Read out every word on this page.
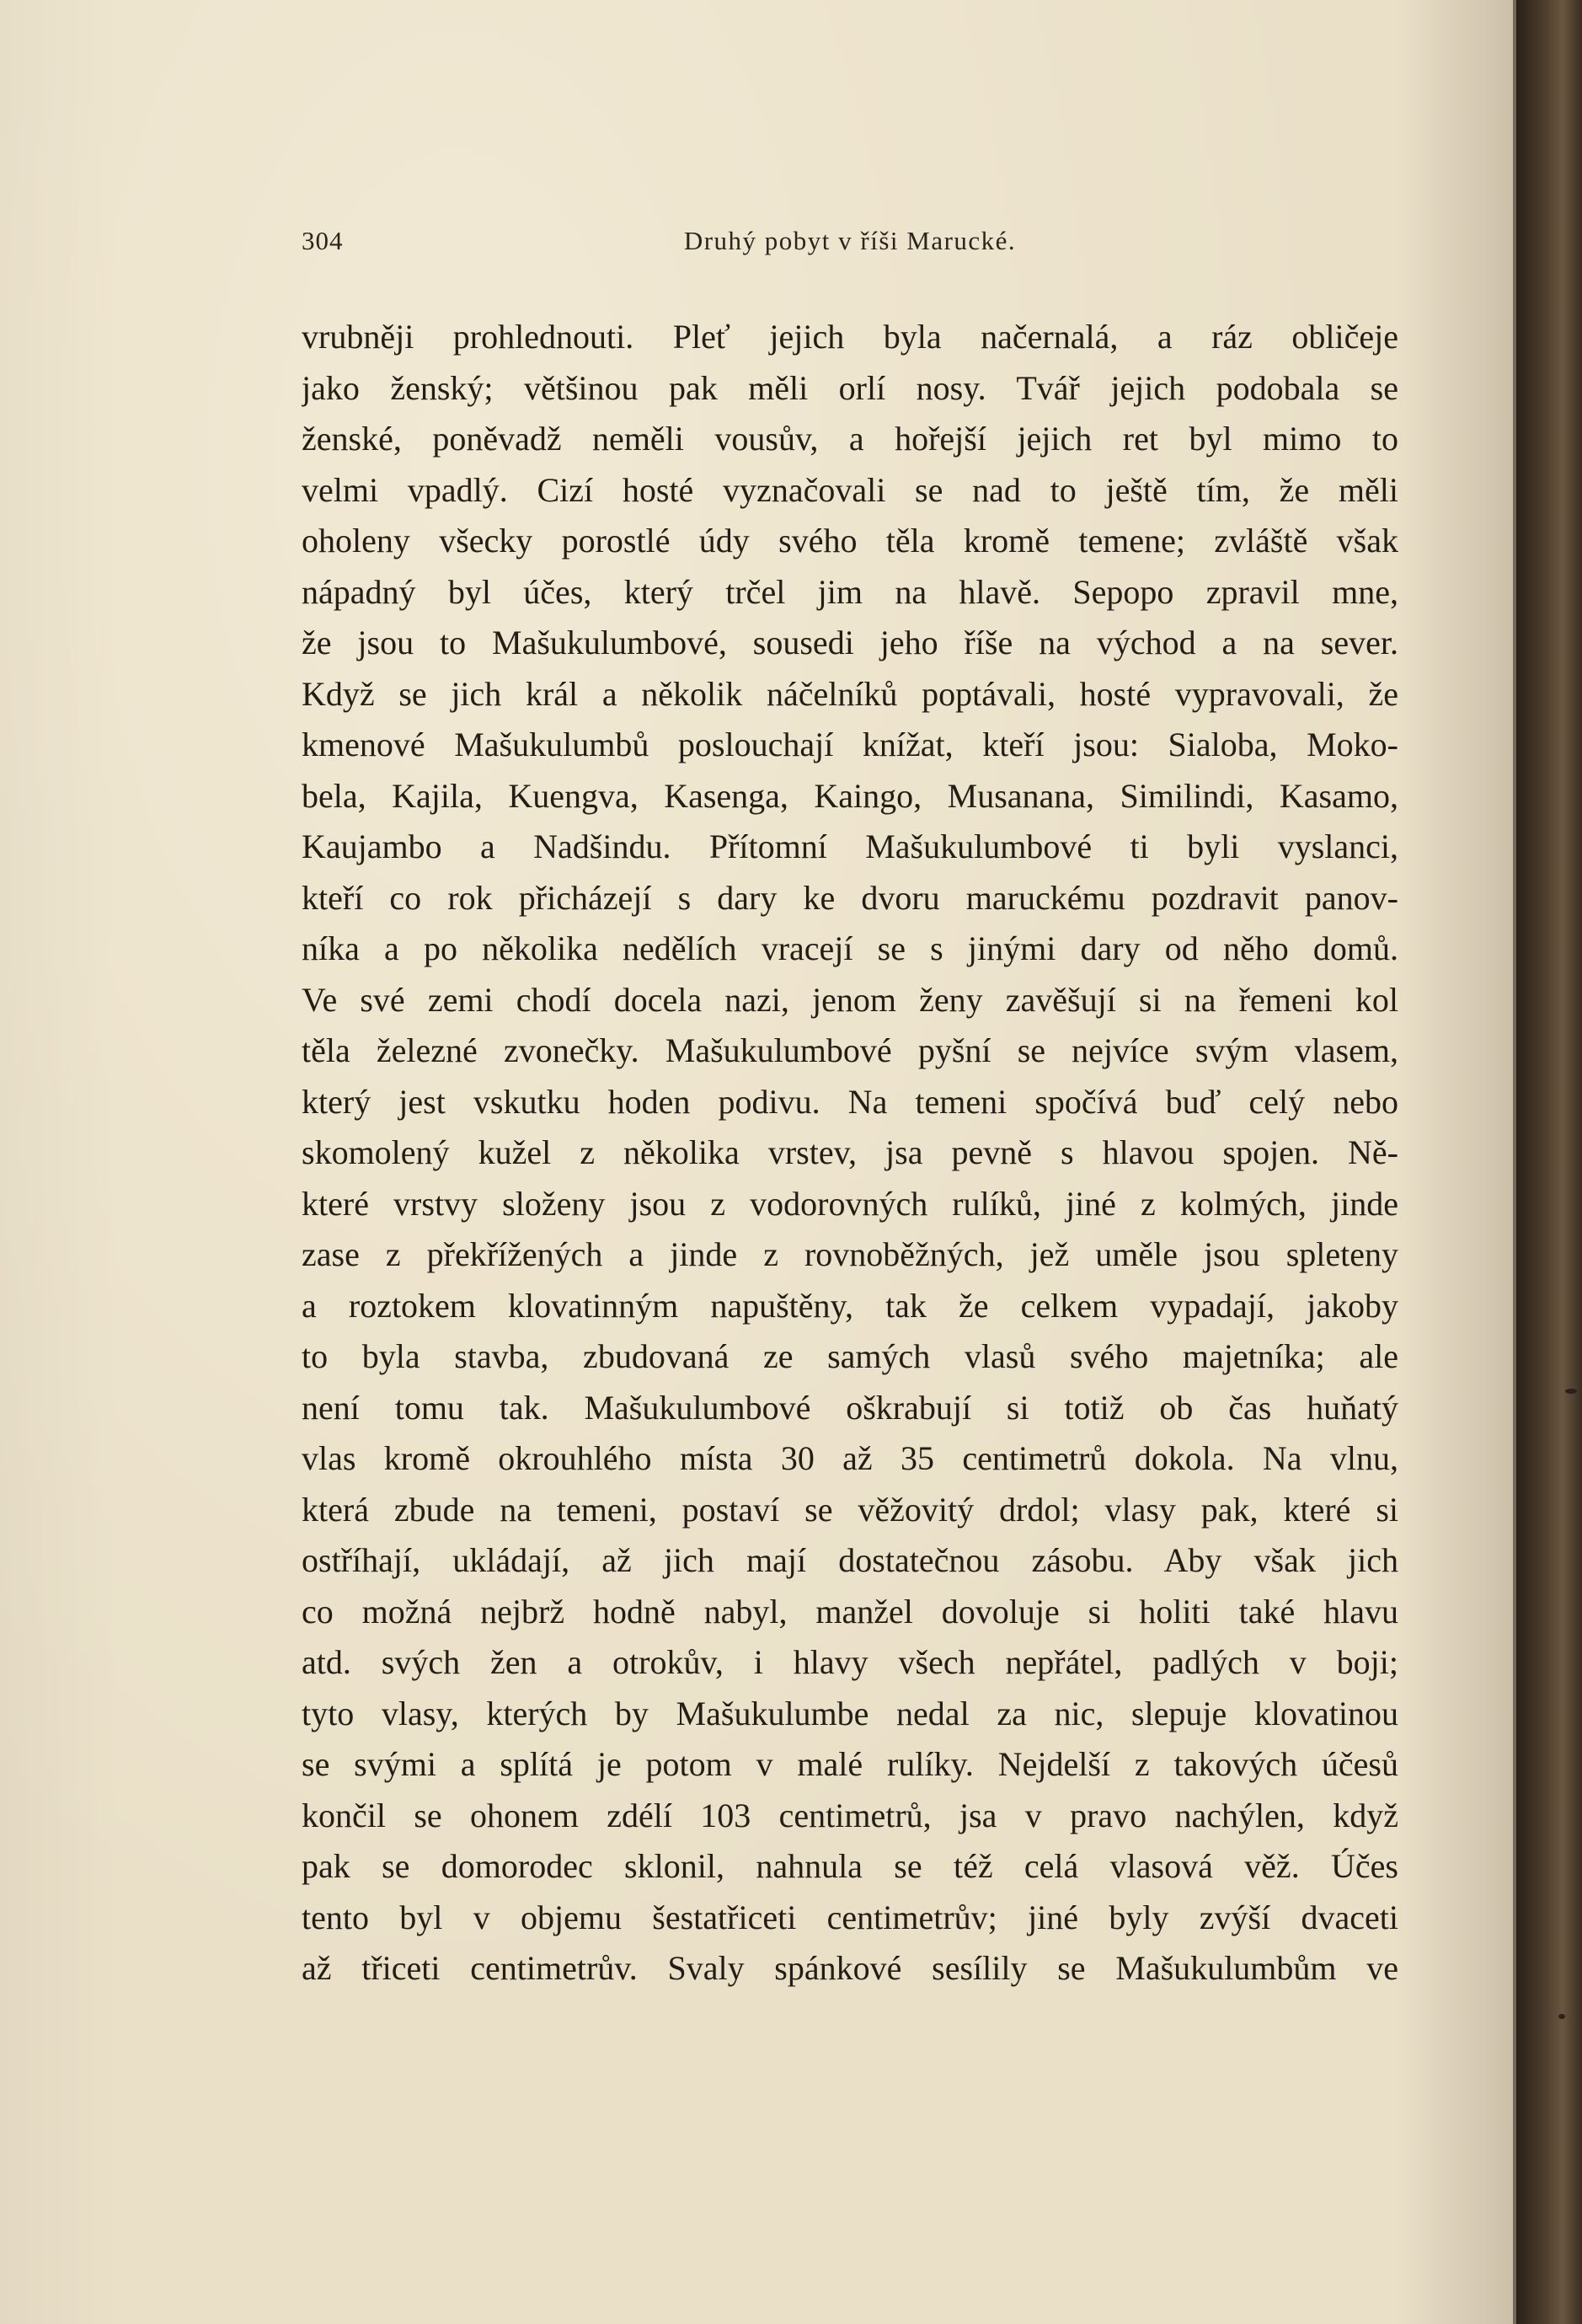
304	Druhý pobyt v říši Marucké.
vrubněji prohlednouti. Pleť jejich byla načernalá, a ráz obličeje
jako ženský; většinou pak měli orlí nosy. Tvář jejich podobala se
ženské, poněvadž neměli vousův, a hořejší jejich ret byl mimo to
velmi vpadlý. Cizí hosté vyznačovali se nad to ještě tím, že měli
oholeny všecky porostlé údy svého těla kromě temene; zvláště však
nápadný byl účes, který trčel jim na hlavě. Sepopo zpravil mne,
že jsou to Mašukulumbové, sousedi jeho říše na východ a na sever.
Když se jich král a několik náčelníků poptávali, hosté vypravovali, že
kmenové Mašukulumbů poslouchají knížat, kteří jsou: Sialoba, Moko-
bela, Kajila, Kuengva, Kasenga, Kaingo, Musanana, Similindi, Kasamo,
Kaujambo a Nadšindu. Přítomní Mašukulumbové ti byli vyslanci,
kteří co rok přicházejí s dary ke dvoru maruckému pozdravit panov-
níka a po několika nedělích vracejí se s jinými dary od něho domů.
Ve své zemi chodí docela nazi, jenom ženy zavěšují si na řemeni kol
těla železné zvonečky. Mašukulumbové pyšní se nejvíce svým vlasem,
který jest vskutku hoden podivu. Na temeni spočívá buď celý nebo
skomolený kužel z několika vrstev, jsa pevně s hlavou spojen. Ně-
které vrstvy složeny jsou z vodorovných rulíků, jiné z kolmých, jinde
zase z překřížených a jinde z rovnoběžných, jež uměle jsou spleteny
a roztokem klovatinným napuštěny, tak že celkem vypadají, jakoby
to byla stavba, zbudovaná ze samých vlasů svého majetníka; ale
není tomu tak. Mašukulumbové oškrabují si totiž ob čas huňatý
vlas kromě okrouhlého místa 30 až 35 centimetrů dokola. Na vlnu,
která zbude na temeni, postaví se věžovitý drdol; vlasy pak, které si
ostříhají, ukládají, až jich mají dostatečnou zásobu. Aby však jich
co možná nejbrž hodně nabyl, manžel dovoluje si holiti také hlavu
atd. svých žen a otrokův, i hlavy všech nepřátel, padlých v boji;
tyto vlasy, kterých by Mašukulumbe nedal za nic, slepuje klovatinou
se svými a splítá je potom v malé rulíky. Nejdelší z takových účesů
končil se ohonem zdélí 103 centimetrů, jsa v pravo nachýlen, když
pak se domorodec sklonil, nahnula se též celá vlasová věž. Účes
tento byl v objemu šestatřiceti centimetrův; jiné byly zvýší dvaceti
až třiceti centimetrův. Svaly spánkové sesílily se Mašukulumbům ve
